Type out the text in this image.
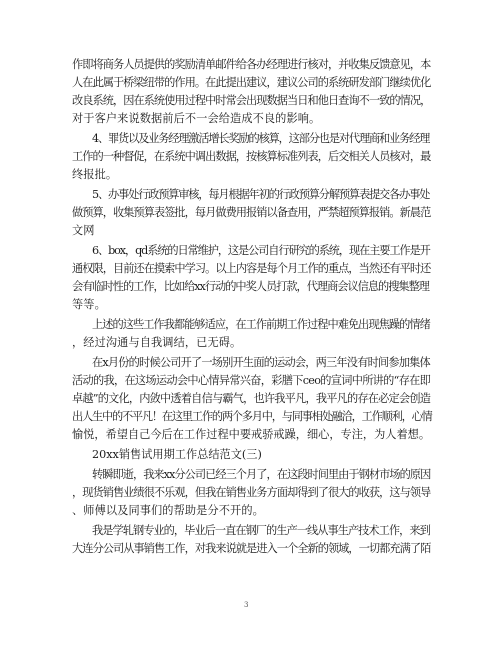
作即将商务人员提供的奖励清单邮件给各办经理进行核对，并收集反馈意见，本
人在此属于桥梁纽带的作用。在此提出建议，建议公司的系统研发部门继续优化
改良系统，因在系统使用过程中时常会出现数据当日和他日查询不一致的情况，
对于客户来说数据前后不一会给造成不良的影响。
4、罪货以及业务经理激活增长奖励的核算，这部分也是对代理商和业务经理
工作的一种督促，在系统中调出数据，按核算标准列表，后交相关人员核对，最
终报批。
5、办事处行政预算审核，每月根据年初的行政预算分解预算表提交各办事处
做预算，收集预算表签批，每月做费用报销以备查用，严禁超预算报销。新晨范
文网
6、box，qd系统的日常维护，这是公司自行研究的系统，现在主要工作是开
通权限，目前还在摸索中学习。以上内容是每个月工作的重点，当然还有平时还
会有临时性的工作，比如给xx行动的中奖人员打款，代理商会议信息的搜集整理
等等。
上述的这些工作我都能够适应，在工作前期工作过程中难免出现焦躁的情绪
，经过沟通与自我调结，已无碍。
在x月份的时候公司开了一场别开生面的运动会，两三年没有时间参加集体
活动的我，在这场运动会中心情异常兴奋，彩膳下ceo的宣词中所讲的“存在即
卓越”的文化，内敛中透着自信与霸气，也许我平凡，我平凡的存在必定会创造
出人生中的不平凡！在这里工作的两个多月中，与同事相处融洽，工作顺利，心情
愉悦，希望自己今后在工作过程中要戒骄戒躁，细心，专注，为人着想。
20xx销售试用期工作总结范文(三)
转瞬即逝，我来xx分公司已经三个月了，在这段时间里由于钢材市场的原因
，现货销售业绩很不乐观，但我在销售业务方面却得到了很大的收获，这与领导
、师傅以及同事们的帮助是分不开的。
我是学轧钢专业的，毕业后一直在钢厂的生产一线从事生产技术工作，来到
大连分公司从事销售工作，对我来说就是进入一个全新的领域，一切都充满了陌
3
